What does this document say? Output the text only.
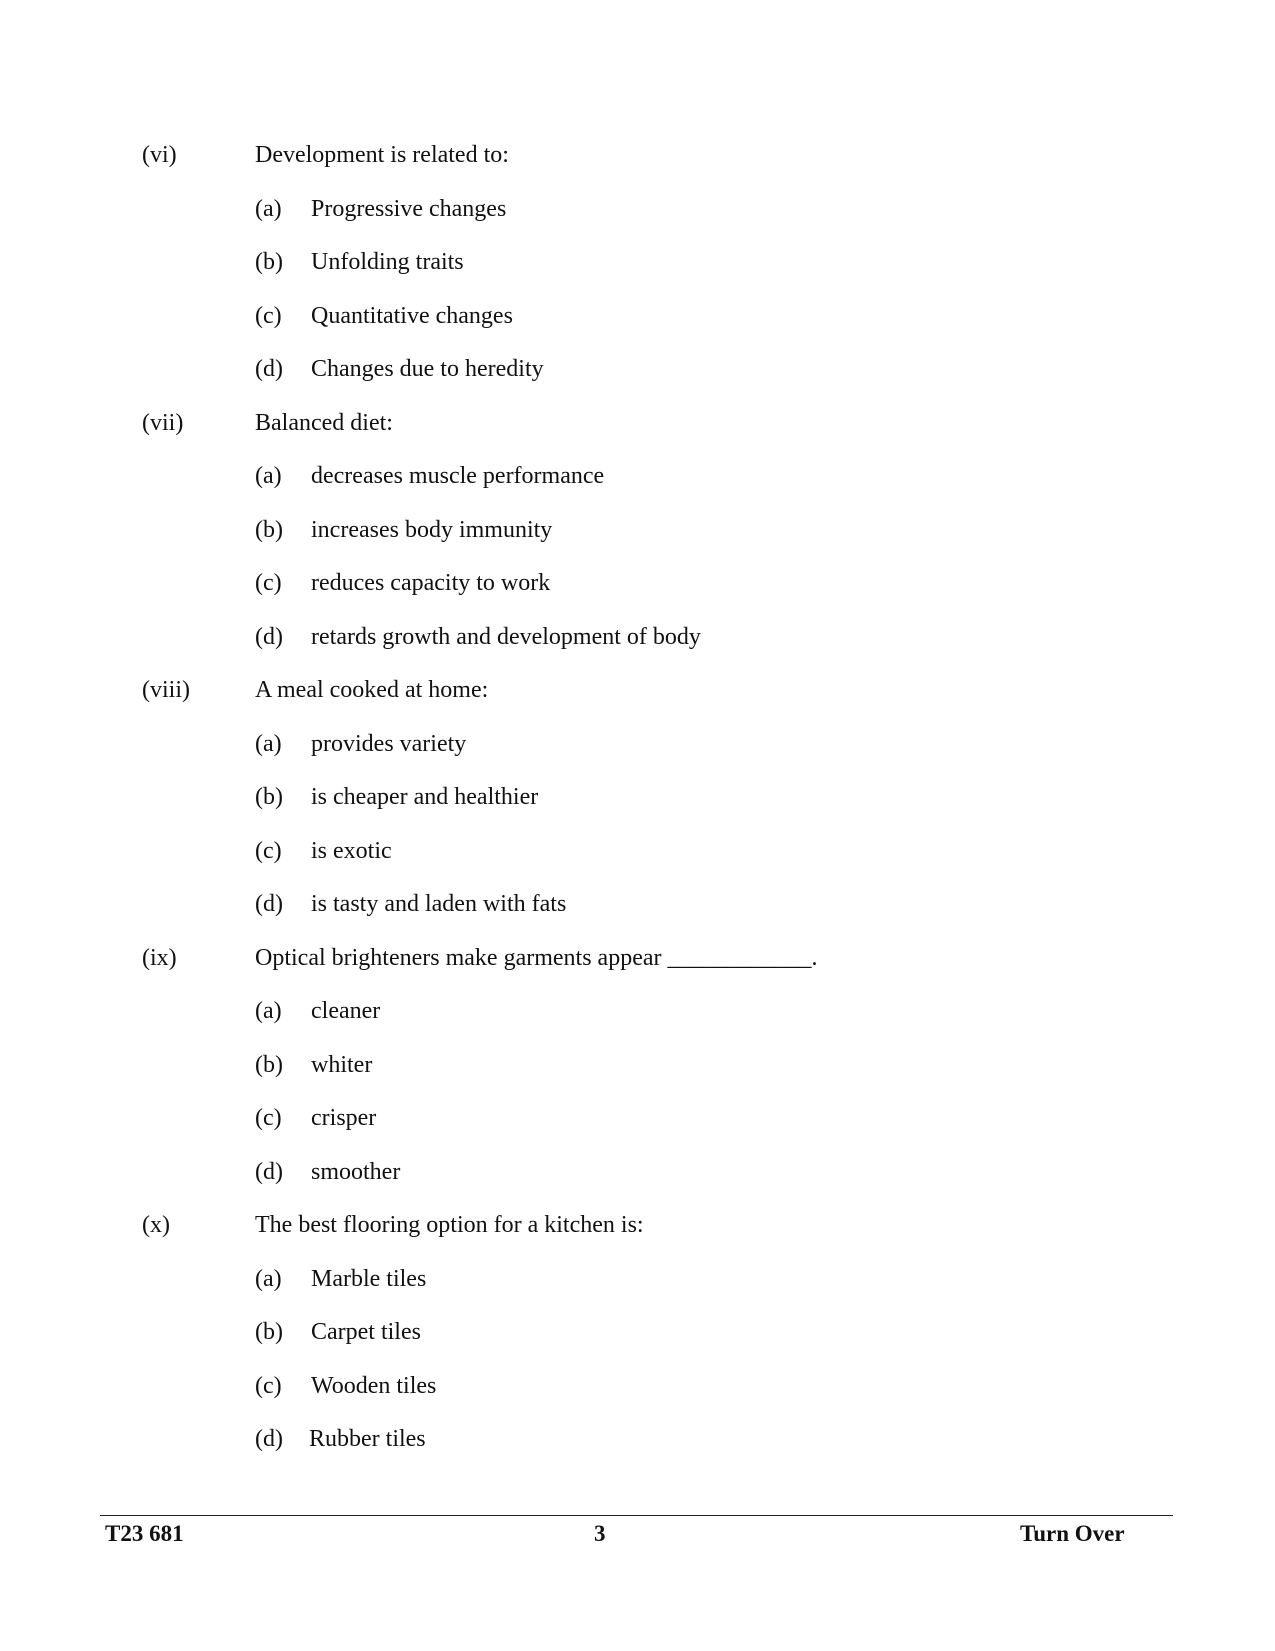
(vi)	Development is related to:
(a) Progressive changes
(b) Unfolding traits
(c) Quantitative changes
(d) Changes due to heredity
(vii)	Balanced diet:
(a) decreases muscle performance
(b) increases body immunity
(c) reduces capacity to work
(d) retards growth and development of body
(viii)	A meal cooked at home:
(a) provides variety
(b) is cheaper and healthier
(c) is exotic
(d) is tasty and laden with fats
(ix)	Optical brighteners make garments appear ____________.
(a) cleaner
(b) whiter
(c) crisper
(d) smoother
(x)	The best flooring option for a kitchen is:
(a) Marble tiles
(b) Carpet tiles
(c) Wooden tiles
(d) Rubber tiles
T23 681	3	Turn Over
